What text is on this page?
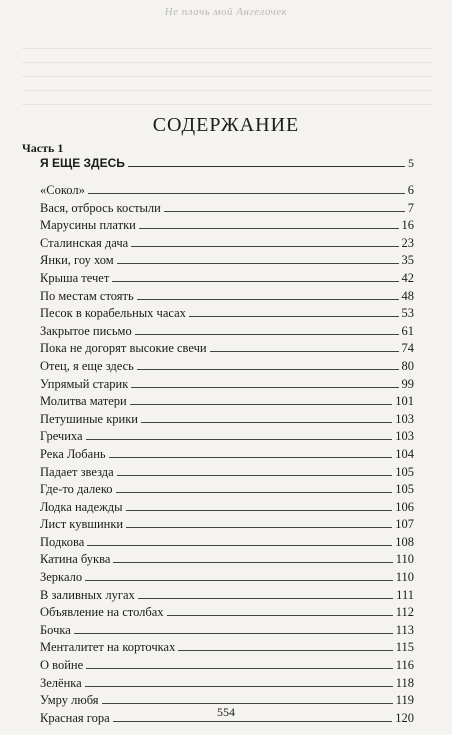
Не плачь мой Ангелочек
СОДЕРЖАНИЕ
Часть 1
Я ЕЩЕ ЗДЕСЬ	5
«Сокол»	6
Вася, отбрось костыли	7
Марусины платки	16
Сталинская дача	23
Янки, гоу хом	35
Крыша течет	42
По местам стоять	48
Песок в корабельных часах	53
Закрытое письмо	61
Пока не догорят высокие свечи	74
Отец, я еще здесь	80
Упрямый старик	99
Молитва матери	101
Петушиные крики	103
Гречиха	103
Река Лобань	104
Падает звезда	105
Где-то далеко	105
Лодка надежды	106
Лист кувшинки	107
Подкова	108
Катина буква	110
Зеркало	110
В заливных лугах	111
Объявление на столбах	112
Бочка	113
Менталитет на корточках	115
О войне	116
Зелёнка	118
Умру любя	119
Красная гора	120
554
